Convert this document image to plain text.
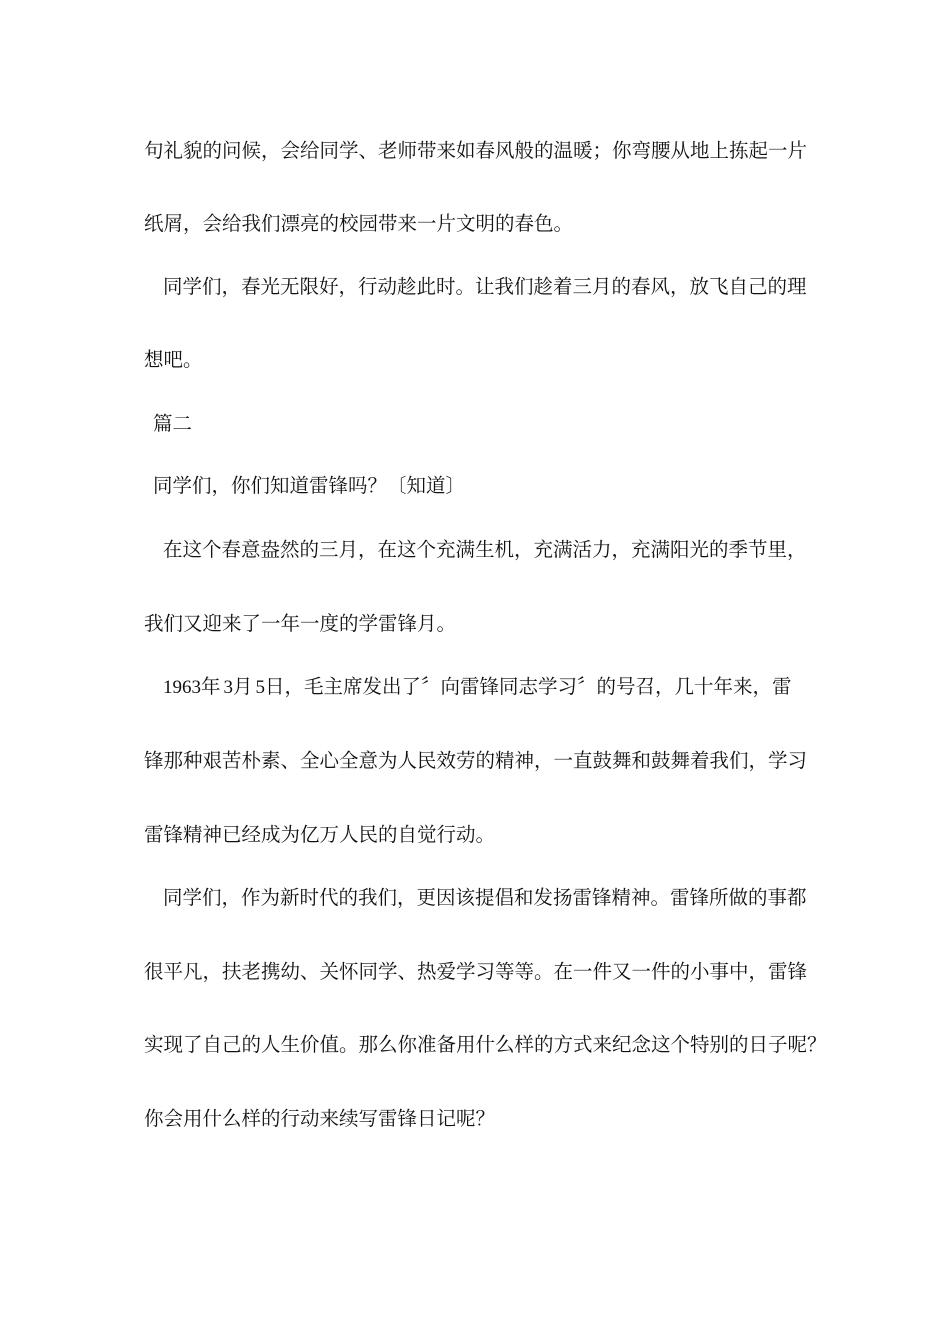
句礼貌的问候，会给同学、老师带来如春风般的温暖；你弯腰从地上拣起一片

纸屑，会给我们漂亮的校园带来一片文明的春色。

同学们，春光无限好，行动趁此时。让我们趁着三月的春风，放飞自己的理

想吧。

篇二

同学们，你们知道雷锋吗？〔知道〕

在这个春意盎然的三月，在这个充满生机，充满活力，充满阳光的季节里，

我们又迎来了一年一度的学雷锋月。

1963年 3月 5日，毛主席发出了〞向雷锋同志学习〞的号召，几十年来，雷

锋那种艰苦朴素、全心全意为人民效劳的精神，一直鼓舞和鼓舞着我们，学习

雷锋精神已经成为亿万人民的自觉行动。

同学们，作为新时代的我们，更因该提倡和发扬雷锋精神。雷锋所做的事都

很平凡，扶老携幼、关怀同学、热爱学习等等。在一件又一件的小事中，雷锋

实现了自己的人生价值。那么你准备用什么样的方式来纪念这个特别的日子呢？

你会用什么样的行动来续写雷锋日记呢？
